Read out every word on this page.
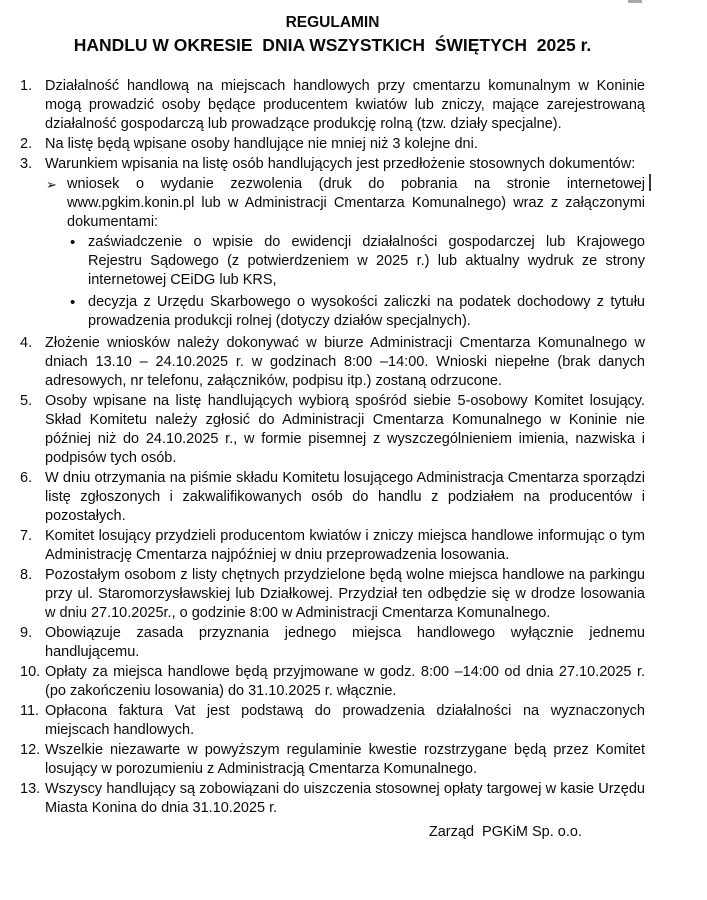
REGULAMIN
HANDLU W OKRESIE  DNIA WSZYSTKICH  ŚWIĘTYCH  2025 r.
1. Działalność handlową na miejscach handlowych przy cmentarzu komunalnym w Koninie mogą prowadzić osoby będące producentem kwiatów lub zniczy, mające zarejestrowaną działalność gospodarczą lub prowadzące produkcję rolną (tzw. działy specjalne).
2. Na listę będą wpisane osoby handlujące nie mniej niż 3 kolejne dni.
3. Warunkiem wpisania na listę osób handlujących jest przedłożenie stosownych dokumentów:
➢ wniosek o wydanie zezwolenia (druk do pobrania na stronie internetowej www.pgkim.konin.pl lub w Administracji Cmentarza Komunalnego) wraz z załączonymi dokumentami:
• zaświadczenie o wpisie do ewidencji działalności gospodarczej lub Krajowego Rejestru Sądowego (z potwierdzeniem w 2025 r.) lub aktualny wydruk ze strony internetowej CEiDG lub KRS,
• decyzja z Urzędu Skarbowego o wysokości zaliczki na podatek dochodowy z tytułu prowadzenia produkcji rolnej (dotyczy działów specjalnych).
4. Złożenie wniosków należy dokonywać w biurze Administracji Cmentarza Komunalnego w dniach 13.10 – 24.10.2025 r. w godzinach 8:00 –14:00. Wnioski niepełne (brak danych adresowych, nr telefonu, załączników, podpisu itp.) zostaną odrzucone.
5. Osoby wpisane na listę handlujących wybiorą spośród siebie 5-osobowy Komitet losujący. Skład Komitetu należy zgłosić do Administracji Cmentarza Komunalnego w Koninie nie później niż do 24.10.2025 r., w formie pisemnej z wyszczególnieniem imienia, nazwiska i podpisów tych osób.
6. W dniu otrzymania na piśmie składu Komitetu losującego Administracja Cmentarza sporządzi listę zgłoszonych i zakwalifikowanych osób do handlu z podziałem na producentów i pozostałych.
7. Komitet losujący przydzieli producentom kwiatów i zniczy miejsca handlowe informując o tym Administrację Cmentarza najpóźniej w dniu przeprowadzenia losowania.
8. Pozostałym osobom z listy chętnych przydzielone będą wolne miejsca handlowe na parkingu przy ul. Staromorzysławskiej lub Działkowej. Przydział ten odbędzie się w drodze losowania w dniu 27.10.2025r., o godzinie 8:00 w Administracji Cmentarza Komunalnego.
9. Obowiązuje zasada przyznania jednego miejsca handlowego wyłącznie jednemu handlującemu.
10. Opłaty za miejsca handlowe będą przyjmowane w godz. 8:00 –14:00 od dnia 27.10.2025 r. (po zakończeniu losowania) do 31.10.2025 r. włącznie.
11. Opłacona faktura Vat jest podstawą do prowadzenia działalności na wyznaczonych miejscach handlowych.
12. Wszelkie niezawarte w powyższym regulaminie kwestie rozstrzygane będą przez Komitet losujący w porozumieniu z Administracją Cmentarza Komunalnego.
13. Wszyscy handlujący są zobowiązani do uiszczenia stosownej opłaty targowej w kasie Urzędu Miasta Konina do dnia 31.10.2025 r.
Zarząd  PGKiM Sp. o.o.
